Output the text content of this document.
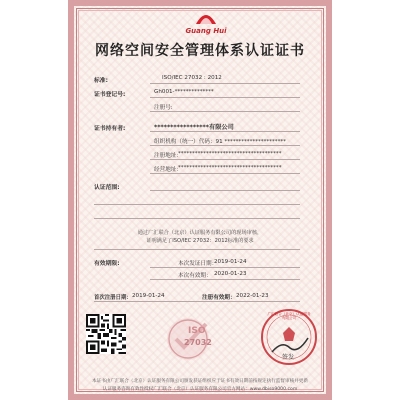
Guang Hui
网络空间安全管理体系认证证书
标准:	ISO/IEC 27032 : 2012
证书登记号:	Gh001-**************
注册号:
证书持有者:	*****************有限公司
组织机构（统一）代码：91 **********************
注册地址：
*************************************
经营地址：
*************************************
认证范围:
通过广汇联合（北京）认证服务有限公司的现场审核，
证明满足了ISO/IEC 27032：2012标准的要求
有效期限:	本次发证日期：
2019-01-24
本次有效期： 2020-01-23
首次注册日期： 2019-01-24	注册有效期： 2022-01-23
ISO
27032
广汇联合（北京）认证服务有限公司
签发
本证书由广汇联合（北京）认证服务有限公司颁发获证组织应于证书有效日期前按规定执行监督审核并更新
认证服务咨询有效性授权广汇联合（北京）认证服务有限公司官方网站：www.dbiso9000.com
